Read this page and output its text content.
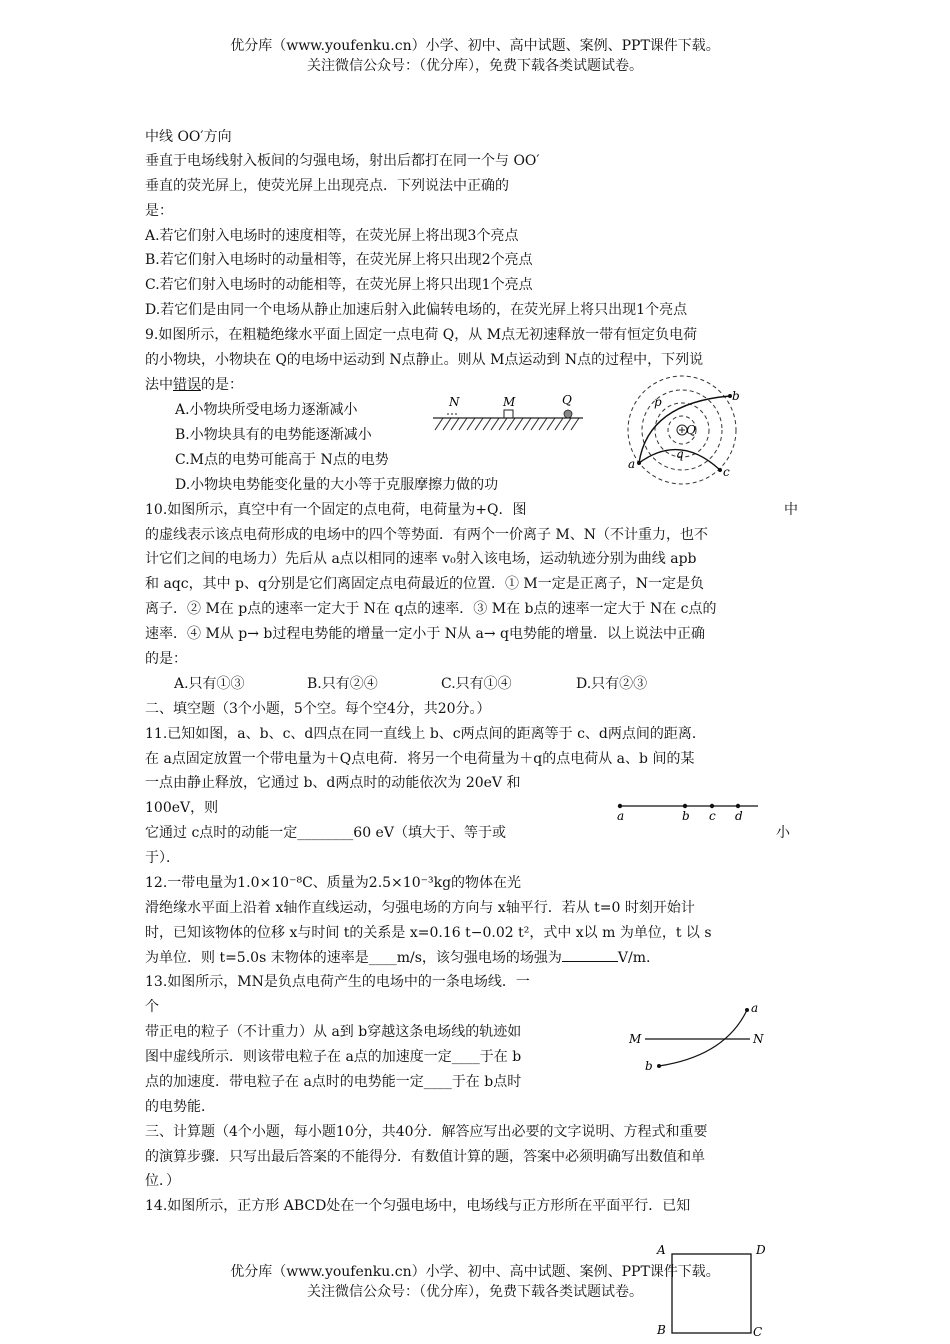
优分库（www.youfenku.cn）小学、初中、高中试题、案例、PPT课件下载。
关注微信公众号：（优分库），免费下载各类试题试卷。
中线 OO′方向
垂直于电场线射入板间的匀强电场，射出后都打在同一个与 OO′
垂直的荧光屏上，使荧光屏上出现亮点．下列说法中正确的
是：
A.若它们射入电场时的速度相等，在荧光屏上将出现3个亮点
B.若它们射入电场时的动量相等，在荧光屏上将只出现2个亮点
C.若它们射入电场时的动能相等，在荧光屏上将只出现1个亮点
D.若它们是由同一个电场从静止加速后射入此偏转电场的，在荧光屏上将只出现1个亮点
9.如图所示，在粗糙绝缘水平面上固定一点电荷 Q，从 M点无初速释放一带有恒定负电荷
的小物块，小物块在 Q的电场中运动到 N点静止。则从 M点运动到 N点的过程中，下列说
法中错误的是：
A.小物块所受电场力逐渐减小
B.小物块具有的电势能逐渐减小
C.M点的电势可能高于 N点的电势
D.小物块电势能变化量的大小等于克服摩擦力做的功
N	M	Q	p	b
Q
q
a
c
10.如图所示，真空中有一个固定的点电荷，电荷量为+Q．图	中
的虚线表示该点电荷形成的电场中的四个等势面．有两个一价离子 M、N（不计重力，也不
计它们之间的电场力）先后从 a点以相同的速率 v₀射入该电场，运动轨迹分别为曲线 apb
和 aqc，其中 p、q分别是它们离固定点电荷最近的位置．① M一定是正离子，N一定是负
离子．② M在 p点的速率一定大于 N在 q点的速率．③ M在 b点的速率一定大于 N在 c点的
速率．④ M从 p→ b过程电势能的增量一定小于 N从 a→ q电势能的增量．以上说法中正确
的是：
A.只有①③	B.只有②④	C.只有①④	D.只有②③
二、填空题（3个小题，5个空。每个空4分，共20分。）
11.已知如图，a、b、c、d四点在同一直线上 b、c两点间的距离等于 c、d两点间的距离．
在 a点固定放置一个带电量为＋Q点电荷．将另一个电荷量为＋q的点电荷从 a、b 间的某
一点由静止释放，它通过 b、d两点时的动能依次为 20eV 和
100eV，则
它通过 c点时的动能一定________60 eV（填大于、等于或	小
于）．
a	b c d
12.一带电量为1.0×10⁻⁸C、质量为2.5×10⁻³kg的物体在光
滑绝缘水平面上沿着 x轴作直线运动，匀强电场的方向与 x轴平行．若从 t=0 时刻开始计
时，已知该物体的位移 x与时间 t的关系是 x=0.16 t−0.02 t²，式中 x以 m 为单位，t 以 s
为单位．则 t=5.0s 末物体的速率是____m/s，该匀强电场的场强为	V/m.
13.如图所示，MN是负点电荷产生的电场中的一条电场线．一
个
带正电的粒子（不计重力）从 a到 b穿越这条电场线的轨迹如
图中虚线所示．则该带电粒子在 a点的加速度一定____于在 b
点的加速度．带电粒子在 a点时的电势能一定____于在 b点时
的电势能．
M	N
a
b
三、计算题（4个小题，每小题10分，共40分．解答应写出必要的文字说明、方程式和重要
的演算步骤．只写出最后答案的不能得分．有数值计算的题，答案中必须明确写出数值和单
位．）
14.如图所示，正方形 ABCD处在一个匀强电场中，电场线与正方形所在平面平行．已知
A	D
B	C
优分库（www.youfenku.cn）小学、初中、高中试题、案例、PPT课件下载。
关注微信公众号：（优分库），免费下载各类试题试卷。
